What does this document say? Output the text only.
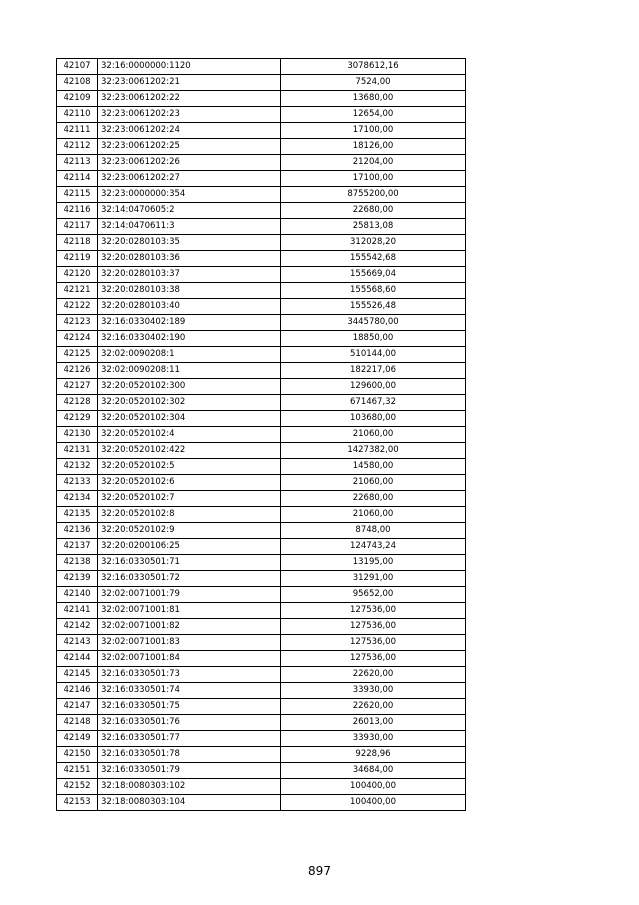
42107	32:16:0000000:1120	3078612,16
42108	32:23:0061202:21	7524,00
42109	32:23:0061202:22	13680,00
42110	32:23:0061202:23	12654,00
42111	32:23:0061202:24	17100,00
42112	32:23:0061202:25	18126,00
42113	32:23:0061202:26	21204,00
42114	32:23:0061202:27	17100,00
42115	32:23:0000000:354	8755200,00
42116	32:14:0470605:2	22680,00
42117	32:14:0470611:3	25813,08
42118	32:20:0280103:35	312028,20
42119	32:20:0280103:36	155542,68
42120	32:20:0280103:37	155669,04
42121	32:20:0280103:38	155568,60
42122	32:20:0280103:40	155526,48
42123	32:16:0330402:189	3445780,00
42124	32:16:0330402:190	18850,00
42125	32:02:0090208:1	510144,00
42126	32:02:0090208:11	182217,06
42127	32:20:0520102:300	129600,00
42128	32:20:0520102:302	671467,32
42129	32:20:0520102:304	103680,00
42130	32:20:0520102:4	21060,00
42131	32:20:0520102:422	1427382,00
42132	32:20:0520102:5	14580,00
42133	32:20:0520102:6	21060,00
42134	32:20:0520102:7	22680,00
42135	32:20:0520102:8	21060,00
42136	32:20:0520102:9	8748,00
42137	32:20:0200106:25	124743,24
42138	32:16:0330501:71	13195,00
42139	32:16:0330501:72	31291,00
42140	32:02:0071001:79	95652,00
42141	32:02:0071001:81	127536,00
42142	32:02:0071001:82	127536,00
42143	32:02:0071001:83	127536,00
42144	32:02:0071001:84	127536,00
42145	32:16:0330501:73	22620,00
42146	32:16:0330501:74	33930,00
42147	32:16:0330501:75	22620,00
42148	32:16:0330501:76	26013,00
42149	32:16:0330501:77	33930,00
42150	32:16:0330501:78	9228,96
42151	32:16:0330501:79	34684,00
42152	32:18:0080303:102	100400,00
42153	32:18:0080303:104	100400,00
897
